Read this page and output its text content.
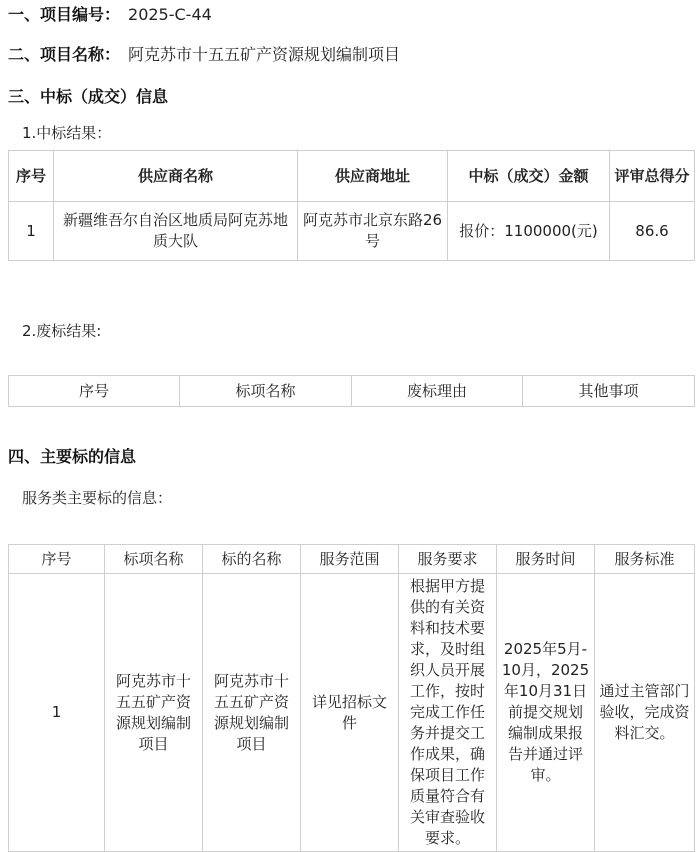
一、项目编号： 2025-C-44
二、项目名称： 阿克苏市十五五矿产资源规划编制项目
三、中标（成交）信息
1.中标结果：
序号	供应商名称	供应商地址	中标（成交）金额	评审总得分
1	新疆维吾尔自治区地质局阿克苏地质大队	阿克苏市北京东路26号	报价：1100000(元)	86.6
2.废标结果:
序号	标项名称	废标理由	其他事项
四、主要标的信息
服务类主要标的信息：
序号	标项名称	标的名称	服务范围	服务要求	服务时间	服务标准
1	阿克苏市十五五矿产资源规划编制项目	阿克苏市十五五矿产资源规划编制项目	详见招标文件	根据甲方提供的有关资料和技术要求，及时组织人员开展工作，按时完成工作任务并提交工作成果，确保项目工作质量符合有关审查验收要求。	2025年5月-10月，2025年10月31日前提交规划编制成果报告并通过评审。	通过主管部门验收，完成资料汇交。
